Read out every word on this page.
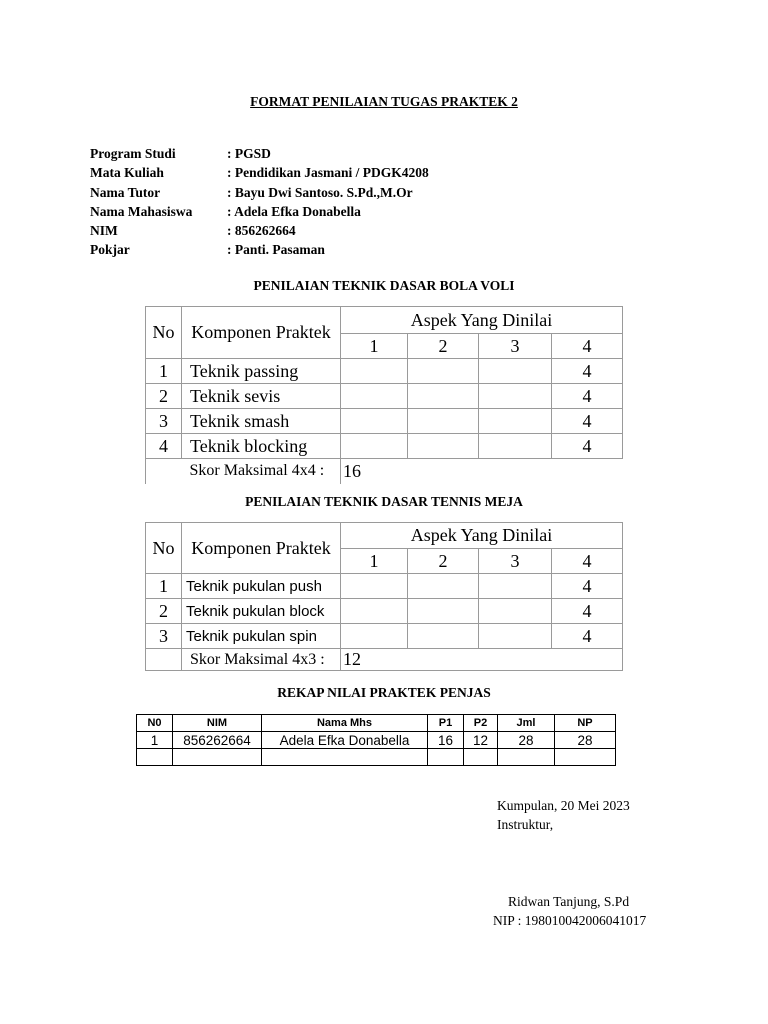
FORMAT PENILAIAN TUGAS PRAKTEK 2
Program Studi	: PGSD
Mata Kuliah	: Pendidikan Jasmani / PDGK4208
Nama Tutor	: Bayu Dwi Santoso. S.Pd.,M.Or
Nama Mahasiswa	: Adela Efka Donabella
NIM	: 856262664
Pokjar	: Panti. Pasaman
PENILAIAN TEKNIK DASAR BOLA VOLI
No	Komponen Praktek	Aspek Yang Dinilai			
		1	2	3	4
1	Teknik passing				4
2	Teknik sevis				4
3	Teknik smash				4
4	Teknik blocking				4
	Skor Maksimal 4x4 :	16			
PENILAIAN TEKNIK DASAR TENNIS MEJA
No	Komponen Praktek	Aspek Yang Dinilai			
		1	2	3	4
1	Teknik pukulan push				4
2	Teknik pukulan block				4
3	Teknik pukulan spin				4
	Skor Maksimal 4x3 :	12			
REKAP NILAI PRAKTEK PENJAS
N0	NIM	Nama Mhs	P1	P2	Jml	NP
1	856262664	Adela Efka Donabella	16	12	28	28

Kumpulan, 20 Mei 2023
Instruktur,
Ridwan Tanjung, S.Pd
NIP : 198010042006041017
